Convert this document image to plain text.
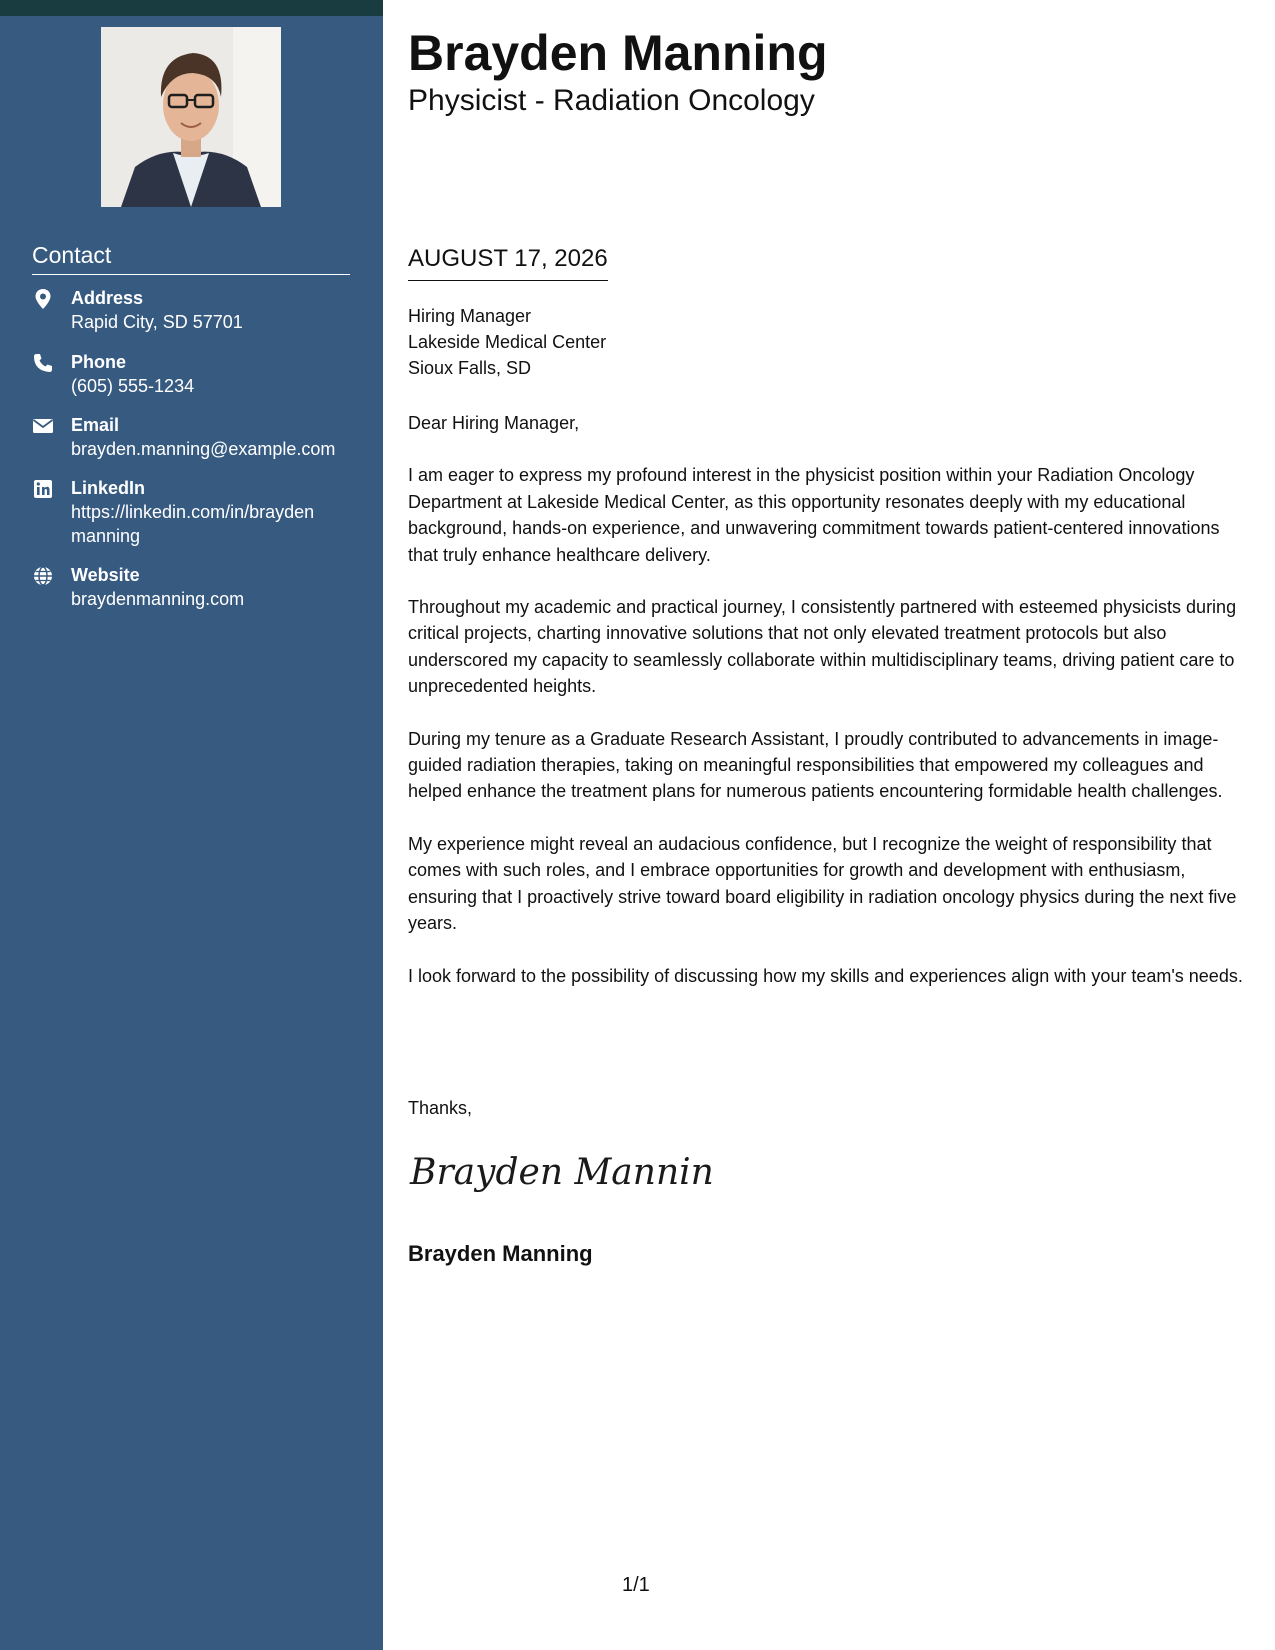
Contact
Address
Rapid City, SD 57701
Phone
(605) 555-1234
Email
brayden.manning@example.com
LinkedIn
https://linkedin.com/in/brayden manning
Website
braydenmanning.com
Brayden Manning
Physicist - Radiation Oncology
AUGUST 17, 2026
Hiring Manager
Lakeside Medical Center
Sioux Falls, SD

Dear Hiring Manager,

I am eager to express my profound interest in the physicist position within your Radiation Oncology Department at Lakeside Medical Center, as this opportunity resonates deeply with my educational background, hands-on experience, and unwavering commitment towards patient-centered innovations that truly enhance healthcare delivery.

Throughout my academic and practical journey, I consistently partnered with esteemed physicists during critical projects, charting innovative solutions that not only elevated treatment protocols but also underscored my capacity to seamlessly collaborate within multidisciplinary teams, driving patient care to unprecedented heights.

During my tenure as a Graduate Research Assistant, I proudly contributed to advancements in image-guided radiation therapies, taking on meaningful responsibilities that empowered my colleagues and helped enhance the treatment plans for numerous patients encountering formidable health challenges.

My experience might reveal an audacious confidence, but I recognize the weight of responsibility that comes with such roles, and I embrace opportunities for growth and development with enthusiasm, ensuring that I proactively strive toward board eligibility in radiation oncology physics during the next five years.

I look forward to the possibility of discussing how my skills and experiences align with your team's needs.

Thanks,
Brayden Mannin
Brayden Manning
1/1
